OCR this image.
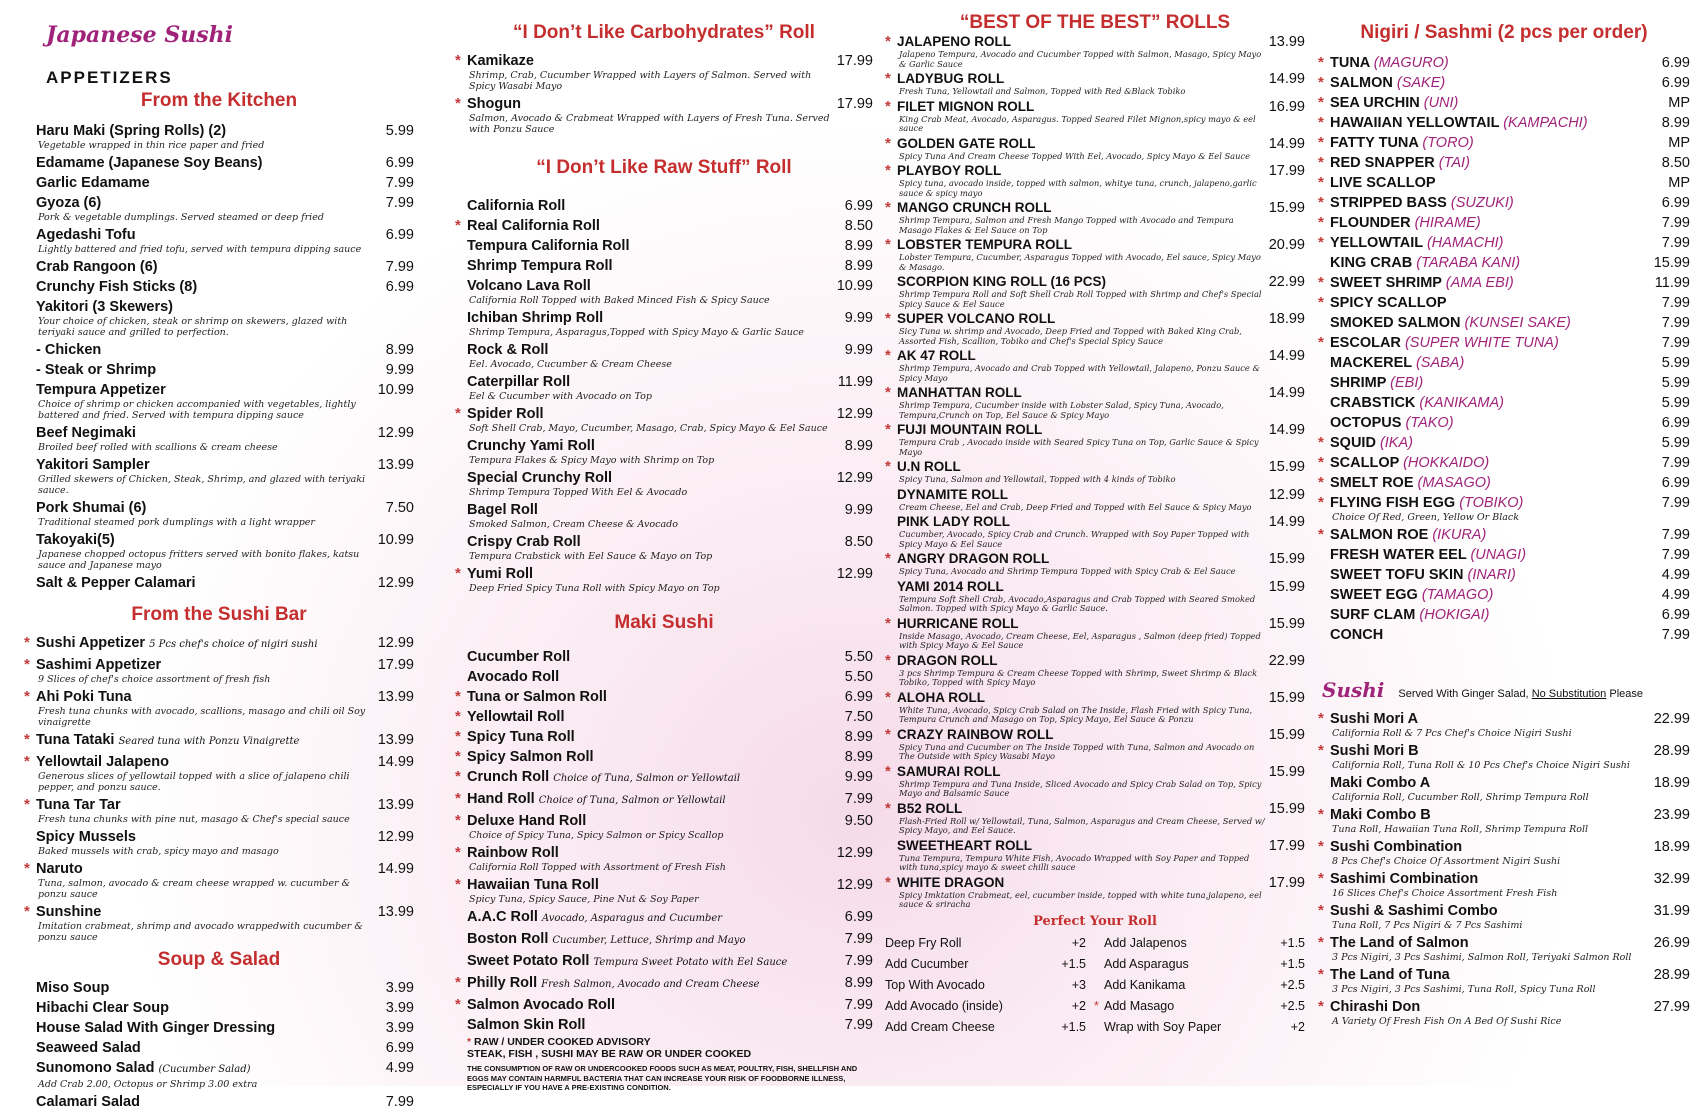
Japanese Sushi
APPETIZERS
From the Kitchen
Haru Maki (Spring Rolls) (2)	5.99
Vegetable wrapped in thin rice paper and fried
Edamame (Japanese Soy Beans)	6.99
Garlic Edamame	7.99
Gyoza (6)	7.99
Pork & vegetable dumplings. Served steamed or deep fried
Agedashi Tofu	6.99
Lightly battered and fried tofu, served with tempura dipping sauce
Crab Rangoon (6)	7.99
Crunchy Fish Sticks (8)	6.99
Yakitori (3 Skewers)
Your choice of chicken, steak or shrimp on skewers, glazed with teriyaki sauce and grilled to perfection.
- Chicken	8.99
- Steak or Shrimp	9.99
Tempura Appetizer	10.99
Choice of shrimp or chicken accompanied with vegetables, lightly battered and fried. Served with tempura dipping sauce
Beef Negimaki	12.99
Broiled beef rolled with scallions & cream cheese
Yakitori Sampler	13.99
Grilled skewers of Chicken, Steak, Shrimp, and glazed with teriyaki sauce.
Pork Shumai (6)	7.50
Traditional steamed pork dumplings with a light wrapper
Takoyaki(5)	10.99
Japanese chopped octopus fritters served with bonito flakes, katsu sauce and Japanese mayo
Salt & Pepper Calamari	12.99
From the Sushi Bar
* Sushi Appetizer 5 Pcs chef's choice of nigiri sushi	12.99
* Sashimi Appetizer	17.99
9 Slices of chef's choice assortment of fresh fish
* Ahi Poki Tuna	13.99
Fresh tuna chunks with avocado, scallions, masago and chili oil Soy vinaigrette
* Tuna Tataki Seared tuna with Ponzu Vinaigrette	13.99
* Yellowtail Jalapeno	14.99
Generous slices of yellowtail topped with a slice of jalapeno chili pepper, and ponzu sauce.
* Tuna Tar Tar	13.99
Fresh tuna chunks with pine nut, masago & Chef's special sauce
Spicy Mussels	12.99
Baked mussels with crab, spicy mayo and masago
* Naruto	14.99
Tuna, salmon, avocado & cream cheese wrapped w. cucumber & ponzu sauce
* Sunshine	13.99
Imitation crabmeat, shrimp and avocado wrappedwith cucumber & ponzu sauce
Soup & Salad
Miso Soup	3.99
Hibachi Clear Soup	3.99
House Salad With Ginger Dressing	3.99
Seaweed Salad	6.99
Sunomono Salad (Cucumber Salad)	4.99
Add Crab 2.00, Octopus or Shrimp 3.00 extra
Calamari Salad	7.99
“I Don’t Like Carbohydrates” Roll
* Kamikaze	17.99
Shrimp, Crab, Cucumber Wrapped with Layers of Salmon. Served with Spicy Wasabi Mayo
* Shogun	17.99
Salmon, Avocado & Crabmeat Wrapped with Layers of Fresh Tuna. Served with Ponzu Sauce
“I Don’t Like Raw Stuff” Roll
California Roll	6.99
* Real California Roll	8.50
Tempura California Roll	8.99
Shrimp Tempura Roll	8.99
Volcano Lava Roll	10.99
California Roll Topped with Baked Minced Fish & Spicy Sauce
Ichiban Shrimp Roll	9.99
Shrimp Tempura, Asparagus,Topped with Spicy Mayo & Garlic Sauce
Rock & Roll	9.99
Eel. Avocado, Cucumber & Cream Cheese
Caterpillar Roll	11.99
Eel & Cucumber with Avocado on Top
* Spider Roll	12.99
Soft Shell Crab, Mayo, Cucumber, Masago, Crab, Spicy Mayo & Eel Sauce
Crunchy Yami Roll	8.99
Tempura Flakes & Spicy Mayo with Shrimp on Top
Special Crunchy Roll	12.99
Shrimp Tempura Topped With Eel & Avocado
Bagel Roll	9.99
Smoked Salmon, Cream Cheese & Avocado
Crispy Crab Roll	8.50
Tempura Crabstick with Eel Sauce & Mayo on Top
* Yumi Roll	12.99
Deep Fried Spicy Tuna Roll with Spicy Mayo on Top
Maki Sushi
Cucumber Roll	5.50
Avocado Roll	5.50
* Tuna or Salmon Roll	6.99
* Yellowtail Roll	7.50
* Spicy Tuna Roll	8.99
* Spicy Salmon Roll	8.99
* Crunch Roll Choice of Tuna, Salmon or Yellowtail	9.99
* Hand Roll Choice of Tuna, Salmon or Yellowtail	7.99
* Deluxe Hand Roll	9.50
Choice of Spicy Tuna, Spicy Salmon or Spicy Scallop
* Rainbow Roll	12.99
California Roll Topped with Assortment of Fresh Fish
* Hawaiian Tuna Roll	12.99
Spicy Tuna, Spicy Sauce, Pine Nut & Soy Paper
A.A.C Roll Avocado, Asparagus and Cucumber	6.99
Boston Roll Cucumber, Lettuce, Shrimp and Mayo	7.99
Sweet Potato Roll Tempura Sweet Potato with Eel Sauce	7.99
* Philly Roll Fresh Salmon, Avocado and Cream Cheese	8.99
* Salmon Avocado Roll	7.99
Salmon Skin Roll	7.99
* RAW / UNDER COOKED ADVISORY
STEAK, FISH , SUSHI MAY BE RAW OR UNDER COOKED
THE CONSUMPTION OF RAW OR UNDERCOOKED FOODS SUCH AS MEAT, POULTRY, FISH, SHELLFISH AND EGGS MAY CONTAIN HARMFUL BACTERIA THAT CAN INCREASE YOUR RISK OF FOODBORNE ILLNESS, ESPECIALLY IF YOU HAVE A PRE-EXISTING CONDITION.
“BEST OF THE BEST” ROLLS
* JALAPENO ROLL	13.99
Jalapeno Tempura, Avocado and Cucumber Topped with Salmon, Masago, Spicy Mayo & Garlic Sauce
* LADYBUG ROLL	14.99
Fresh Tuna, Yellowtail and Salmon, Topped with Red &Black Tobiko
* FILET MIGNON ROLL	16.99
King Crab Meat, Avocado, Asparagus. Topped Seared Filet Mignon,spicy mayo & eel sauce
* GOLDEN GATE ROLL	14.99
Spicy Tuna And Cream Cheese Topped With Eel, Avocado, Spicy Mayo & Eel Sauce
* PLAYBOY ROLL	17.99
Spicy tuna, avocado inside, topped with salmon, whitye tuna, crunch, jalapeno,garlic sauce & spicy mayo
* MANGO CRUNCH ROLL	15.99
Shrimp Tempura, Salmon and Fresh Mango Topped with Avocado and Tempura Masago Flakes & Eel Sauce on Top
* LOBSTER TEMPURA ROLL	20.99
Lobster Tempura, Cucumber, Asparagus Topped with Avocado, Eel sauce, Spicy Mayo & Masago.
SCORPION KING ROLL (16 PCS)	22.99
Shrimp Tempura Roll and Soft Shell Crab Roll Topped with Shrimp and Chef's Special Spicy Sauce & Eel Sauce
* SUPER VOLCANO ROLL	18.99
Sicy Tuna w. shrimp and Avocado, Deep Fried and Topped with Baked King Crab, Assorted Fish, Scallion, Tobiko and Chef's Special Spicy Sauce
* AK 47 ROLL	14.99
Shrimp Tempura, Avocado and Crab Topped with Yellowtail, Jalapeno, Ponzu Sauce & Spicy Mayo
* MANHATTAN ROLL	14.99
Shrimp Tempura, Cucumber inside with Lobster Salad, Spicy Tuna, Avocado, Tempura,Crunch on Top, Eel Sauce & Spicy Mayo
* FUJI MOUNTAIN ROLL	14.99
Tempura Crab , Avocado inside with Seared Spicy Tuna on Top, Garlic Sauce & Spicy Mayo
* U.N ROLL	15.99
Spicy Tuna, Salmon and Yellowtail, Topped with 4 kinds of Tobiko
DYNAMITE ROLL	12.99
Cream Cheese, Eel and Crab, Deep Fried and Topped with Eel Sauce & Spicy Mayo
PINK LADY ROLL	14.99
Cucumber, Avocado, Spicy Crab and Crunch. Wrapped with Soy Paper Topped with Spicy Mayo & Eel Sauce
* ANGRY DRAGON ROLL	15.99
Spicy Tuna, Avocado and Shrimp Tempura Topped with Spicy Crab & Eel Sauce
YAMI 2014 ROLL	15.99
Tempura Soft Shell Crab, Avocado,Asparagus and Crab Topped with Seared Smoked Salmon. Topped with Spicy Mayo & Garlic Sauce.
* HURRICANE ROLL	15.99
Inside Masago, Avocado, Cream Cheese, Eel, Asparagus , Salmon (deep fried) Topped with Spicy Mayo & Eel Sauce
* DRAGON ROLL	22.99
3 pcs Shrimp Tempura & Cream Cheese Topped with Shrimp, Sweet Shrimp & Black Tobiko, Topped with Spicy Mayo
* ALOHA ROLL	15.99
White Tuna, Avocado, Spicy Crab Salad on The Inside, Flash Fried with Spicy Tuna, Tempura Crunch and Masago on Top, Spicy Mayo, Eel Sauce & Ponzu
* CRAZY RAINBOW ROLL	15.99
Spicy Tuna and Cucumber on The Inside Topped with Tuna, Salmon and Avocado on The Outside with Spicy Wasabi Mayo
* SAMURAI ROLL	15.99
Shrimp Tempura and Tuna Inside, Sliced Avocado and Spicy Crab Salad on Top, Spicy Mayo and Balsamic Sauce
* B52 ROLL	15.99
Flash-Fried Roll w/ Yellowtail, Tuna, Salmon, Asparagus and Cream Cheese, Served w/ Spicy Mayo, and Eel Sauce.
SWEETHEART ROLL	17.99
Tuna Tempura, Tempura White Fish, Avocado Wrapped with Soy Paper and Topped with tuna,spicy mayo & sweet chilli sauce
* WHITE DRAGON	17.99
Spicy Imktation Crabmeat, eel, cucumber inside, topped with white tuna,jalapeno, eel sauce & sriracha
Perfect Your Roll
Deep Fry Roll	+2
Add Cucumber	+1.5
Top With Avocado	+3
Add Avocado (inside)	+2
Add Cream Cheese	+1.5
Add Jalapenos	+1.5
Add Asparagus	+1.5
Add Kanikama	+2.5
* Add Masago	+2.5
Wrap with Soy Paper	+2
Nigiri / Sashmi (2 pcs per order)
* TUNA (MAGURO)	6.99
* SALMON (SAKE)	6.99
* SEA URCHIN (UNI)	MP
* HAWAIIAN YELLOWTAIL (KAMPACHI)	8.99
* FATTY TUNA (TORO)	MP
* RED SNAPPER (TAI)	8.50
* LIVE SCALLOP	MP
* STRIPPED BASS (SUZUKI)	6.99
* FLOUNDER (HIRAME)	7.99
* YELLOWTAIL (HAMACHI)	7.99
KING CRAB (TARABA KANI)	15.99
* SWEET SHRIMP (AMA EBI)	11.99
* SPICY SCALLOP	7.99
SMOKED SALMON (KUNSEI SAKE)	7.99
* ESCOLAR (SUPER WHITE TUNA)	7.99
MACKEREL (SABA)	5.99
SHRIMP (EBI)	5.99
CRABSTICK (KANIKAMA)	5.99
OCTOPUS (TAKO)	6.99
* SQUID (IKA)	5.99
* SCALLOP (HOKKAIDO)	7.99
* SMELT ROE (MASAGO)	6.99
* FLYING FISH EGG (TOBIKO)	7.99
Choice Of Red, Green, Yellow Or Black
* SALMON ROE (IKURA)	7.99
FRESH WATER EEL (UNAGI)	7.99
SWEET TOFU SKIN (INARI)	4.99
SWEET EGG (TAMAGO)	4.99
SURF CLAM (HOKIGAI)	6.99
CONCH	7.99
Sushi Served With Ginger Salad, No Substitution Please
* Sushi Mori A	22.99
California Roll & 7 Pcs Chef's Choice Nigiri Sushi
* Sushi Mori B	28.99
California Roll, Tuna Roll & 10 Pcs Chef's Choice Nigiri Sushi
Maki Combo A	18.99
California Roll, Cucumber Roll, Shrimp Tempura Roll
* Maki Combo B	23.99
Tuna Roll, Hawaiian Tuna Roll, Shrimp Tempura Roll
* Sushi Combination	18.99
8 Pcs Chef's Choice Of Assortment Nigiri Sushi
* Sashimi Combination	32.99
16 Slices Chef's Choice Assortment Fresh Fish
* Sushi & Sashimi Combo	31.99
Tuna Roll, 7 Pcs Nigiri & 7 Pcs Sashimi
* The Land of Salmon	26.99
3 Pcs Nigiri, 3 Pcs Sashimi, Salmon Roll, Teriyaki Salmon Roll
* The Land of Tuna	28.99
3 Pcs Nigiri, 3 Pcs Sashimi, Tuna Roll, Spicy Tuna Roll
* Chirashi Don	27.99
A Variety Of Fresh Fish On A Bed Of Sushi Rice
